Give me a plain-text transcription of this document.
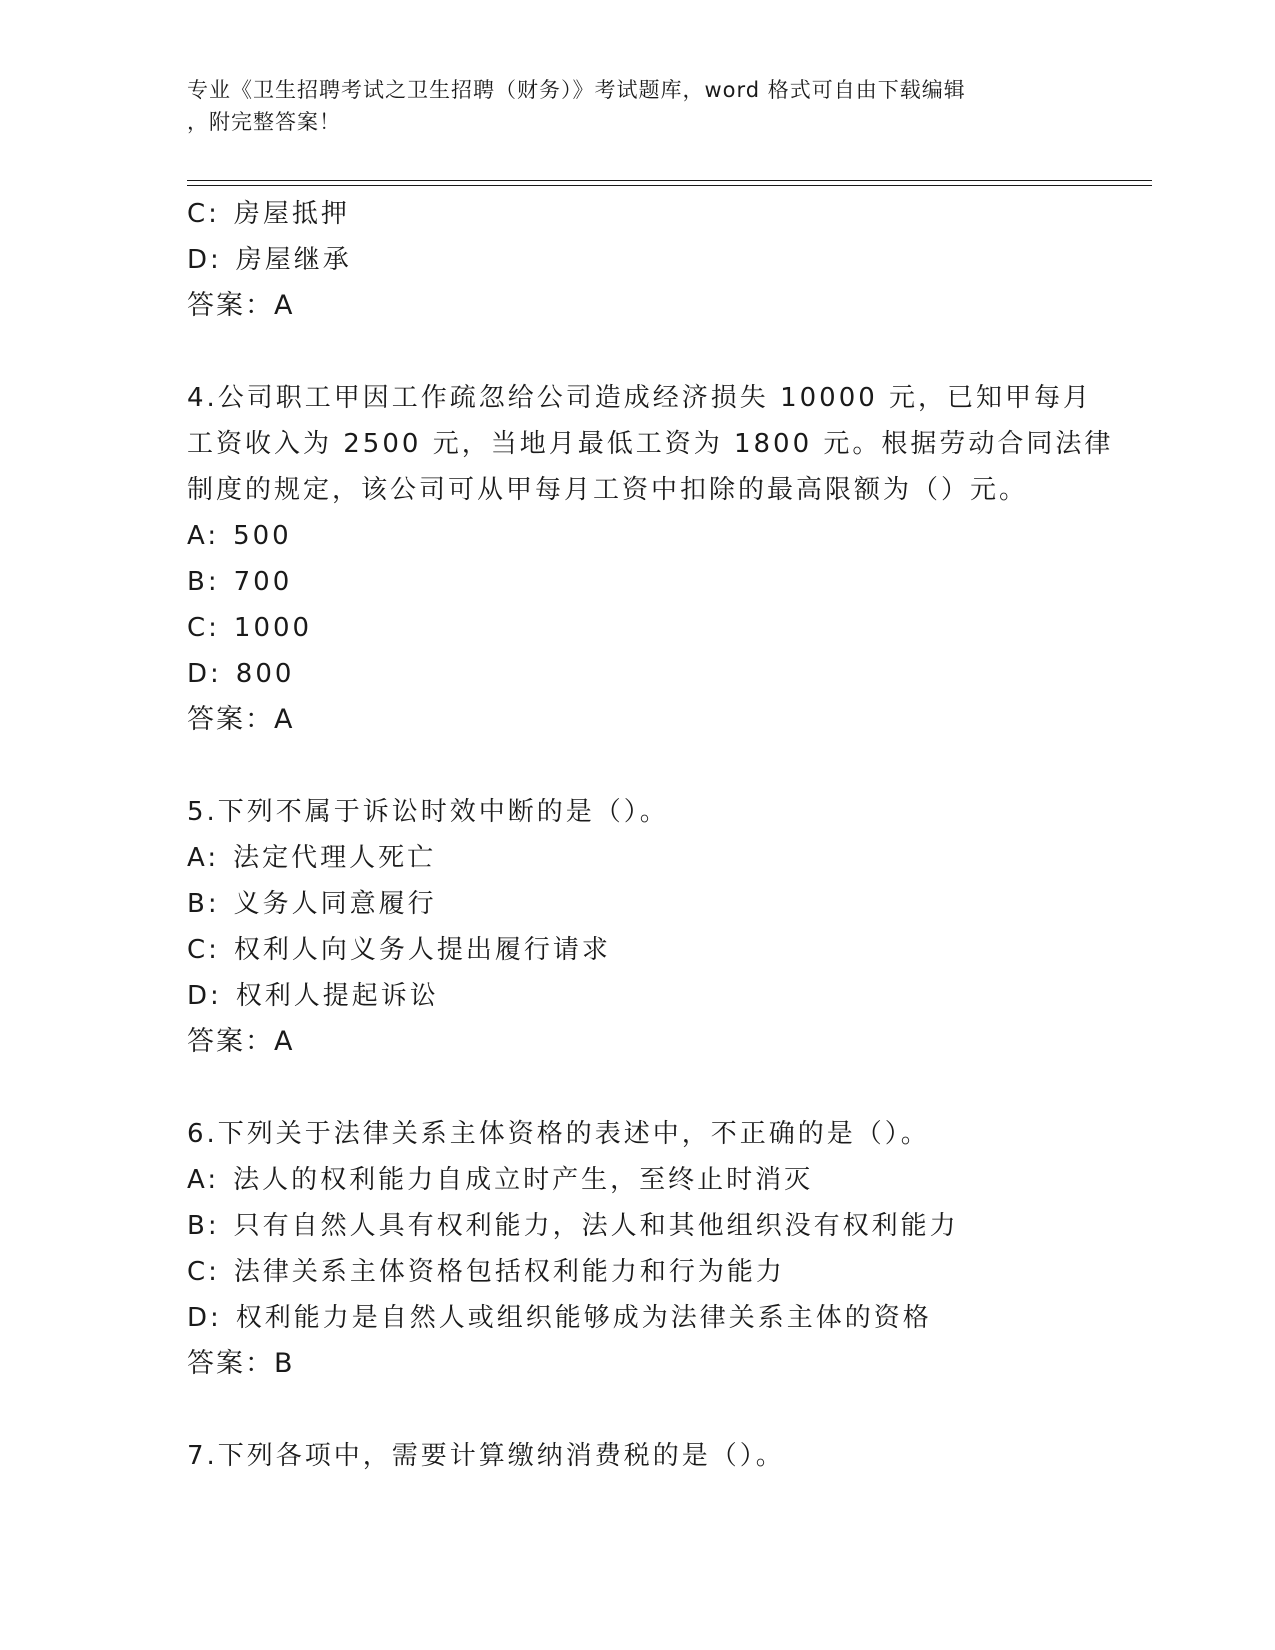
专业《卫生招聘考试之卫生招聘（财务）》考试题库，word 格式可自由下载编辑
，附完整答案！
C: 房屋抵押
D: 房屋继承
答案：A
4.公司职工甲因工作疏忽给公司造成经济损失 10000 元，已知甲每月
工资收入为 2500 元，当地月最低工资为 1800 元。根据劳动合同法律
制度的规定，该公司可从甲每月工资中扣除的最高限额为（）元。
A: 500
B: 700
C: 1000
D: 800
答案：A
5.下列不属于诉讼时效中断的是（）。
A: 法定代理人死亡
B: 义务人同意履行
C: 权利人向义务人提出履行请求
D: 权利人提起诉讼
答案：A
6.下列关于法律关系主体资格的表述中，不正确的是（）。
A: 法人的权利能力自成立时产生，至终止时消灭
B: 只有自然人具有权利能力，法人和其他组织没有权利能力
C: 法律关系主体资格包括权利能力和行为能力
D: 权利能力是自然人或组织能够成为法律关系主体的资格
答案：B
7.下列各项中，需要计算缴纳消费税的是（）。
